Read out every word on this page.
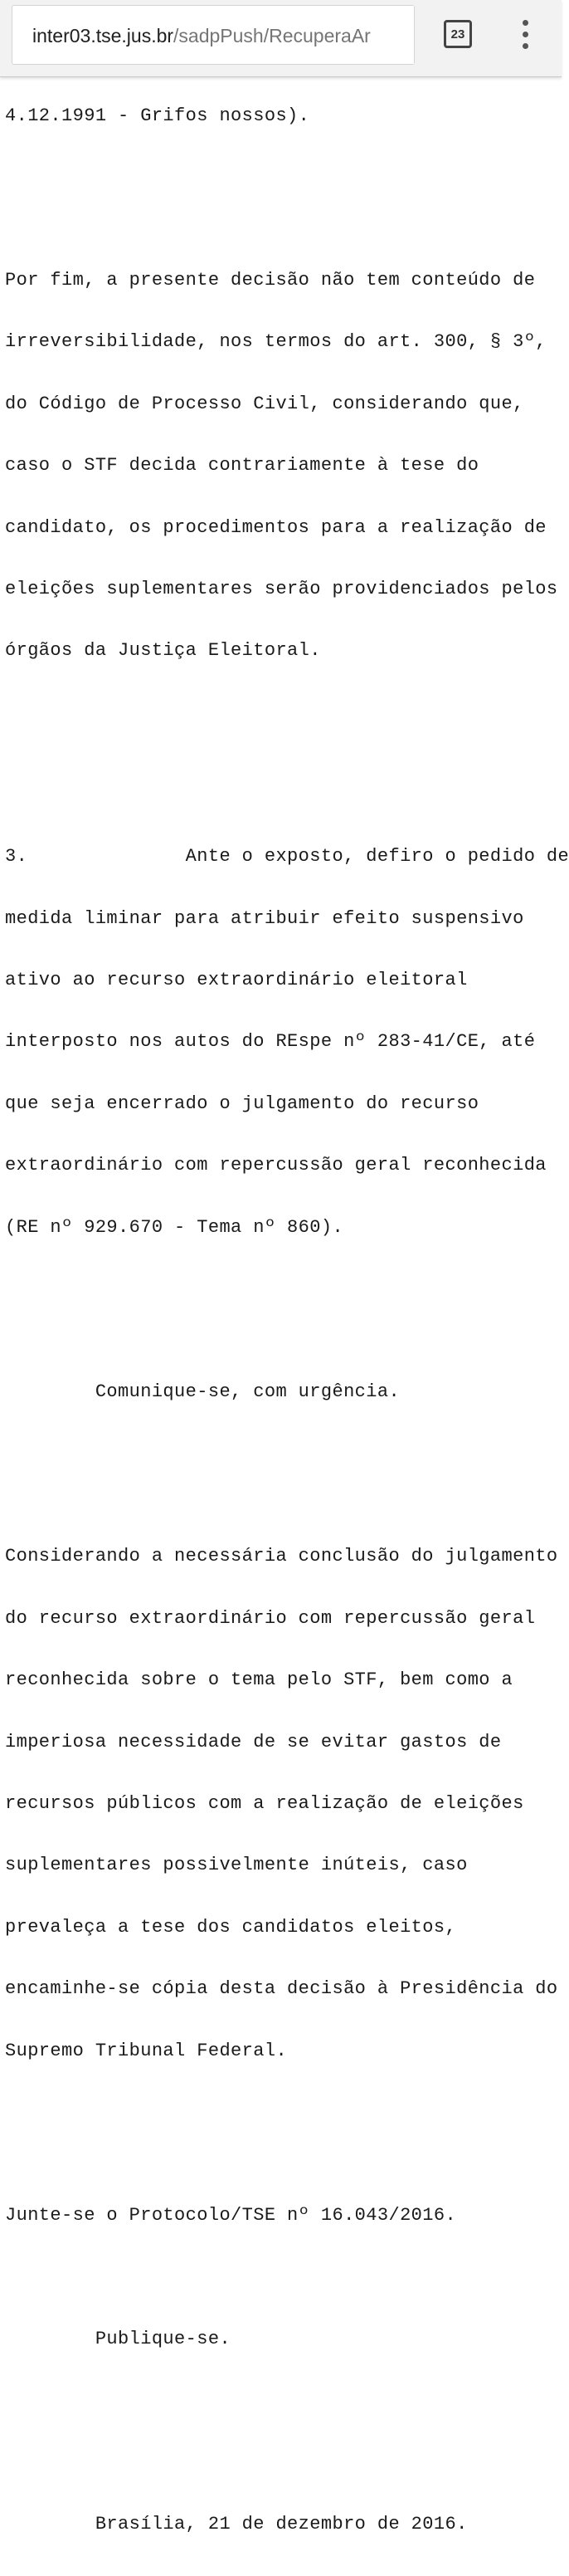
4.12.1991 - Grifos nossos).

Por fim, a presente decisão não tem conteúdo de

irreversibilidade, nos termos do art. 300, § 3º,

do Código de Processo Civil, considerando que,

caso o STF decida contrariamente à tese do

candidato, os procedimentos para a realização de

eleições suplementares serão providenciados pelos

órgãos da Justiça Eleitoral.

3.              Ante o exposto, defiro o pedido de

medida liminar para atribuir efeito suspensivo

ativo ao recurso extraordinário eleitoral

interposto nos autos do REspe nº 283-41/CE, até

que seja encerrado o julgamento do recurso

extraordinário com repercussão geral reconhecida

(RE nº 929.670 - Tema nº 860).

Comunique-se, com urgência.

Considerando a necessária conclusão do julgamento

do recurso extraordinário com repercussão geral

reconhecida sobre o tema pelo STF, bem como a

imperiosa necessidade de se evitar gastos de

recursos públicos com a realização de eleições

suplementares possivelmente inúteis, caso

prevaleça a tese dos candidatos eleitos,

encaminhe-se cópia desta decisão à Presidência do

Supremo Tribunal Federal.

Junte-se o Protocolo/TSE nº 16.043/2016.

Publique-se.

Brasília, 21 de dezembro de 2016.

inter03.tse.jus.br/sadpPush/RecuperaAr	23
